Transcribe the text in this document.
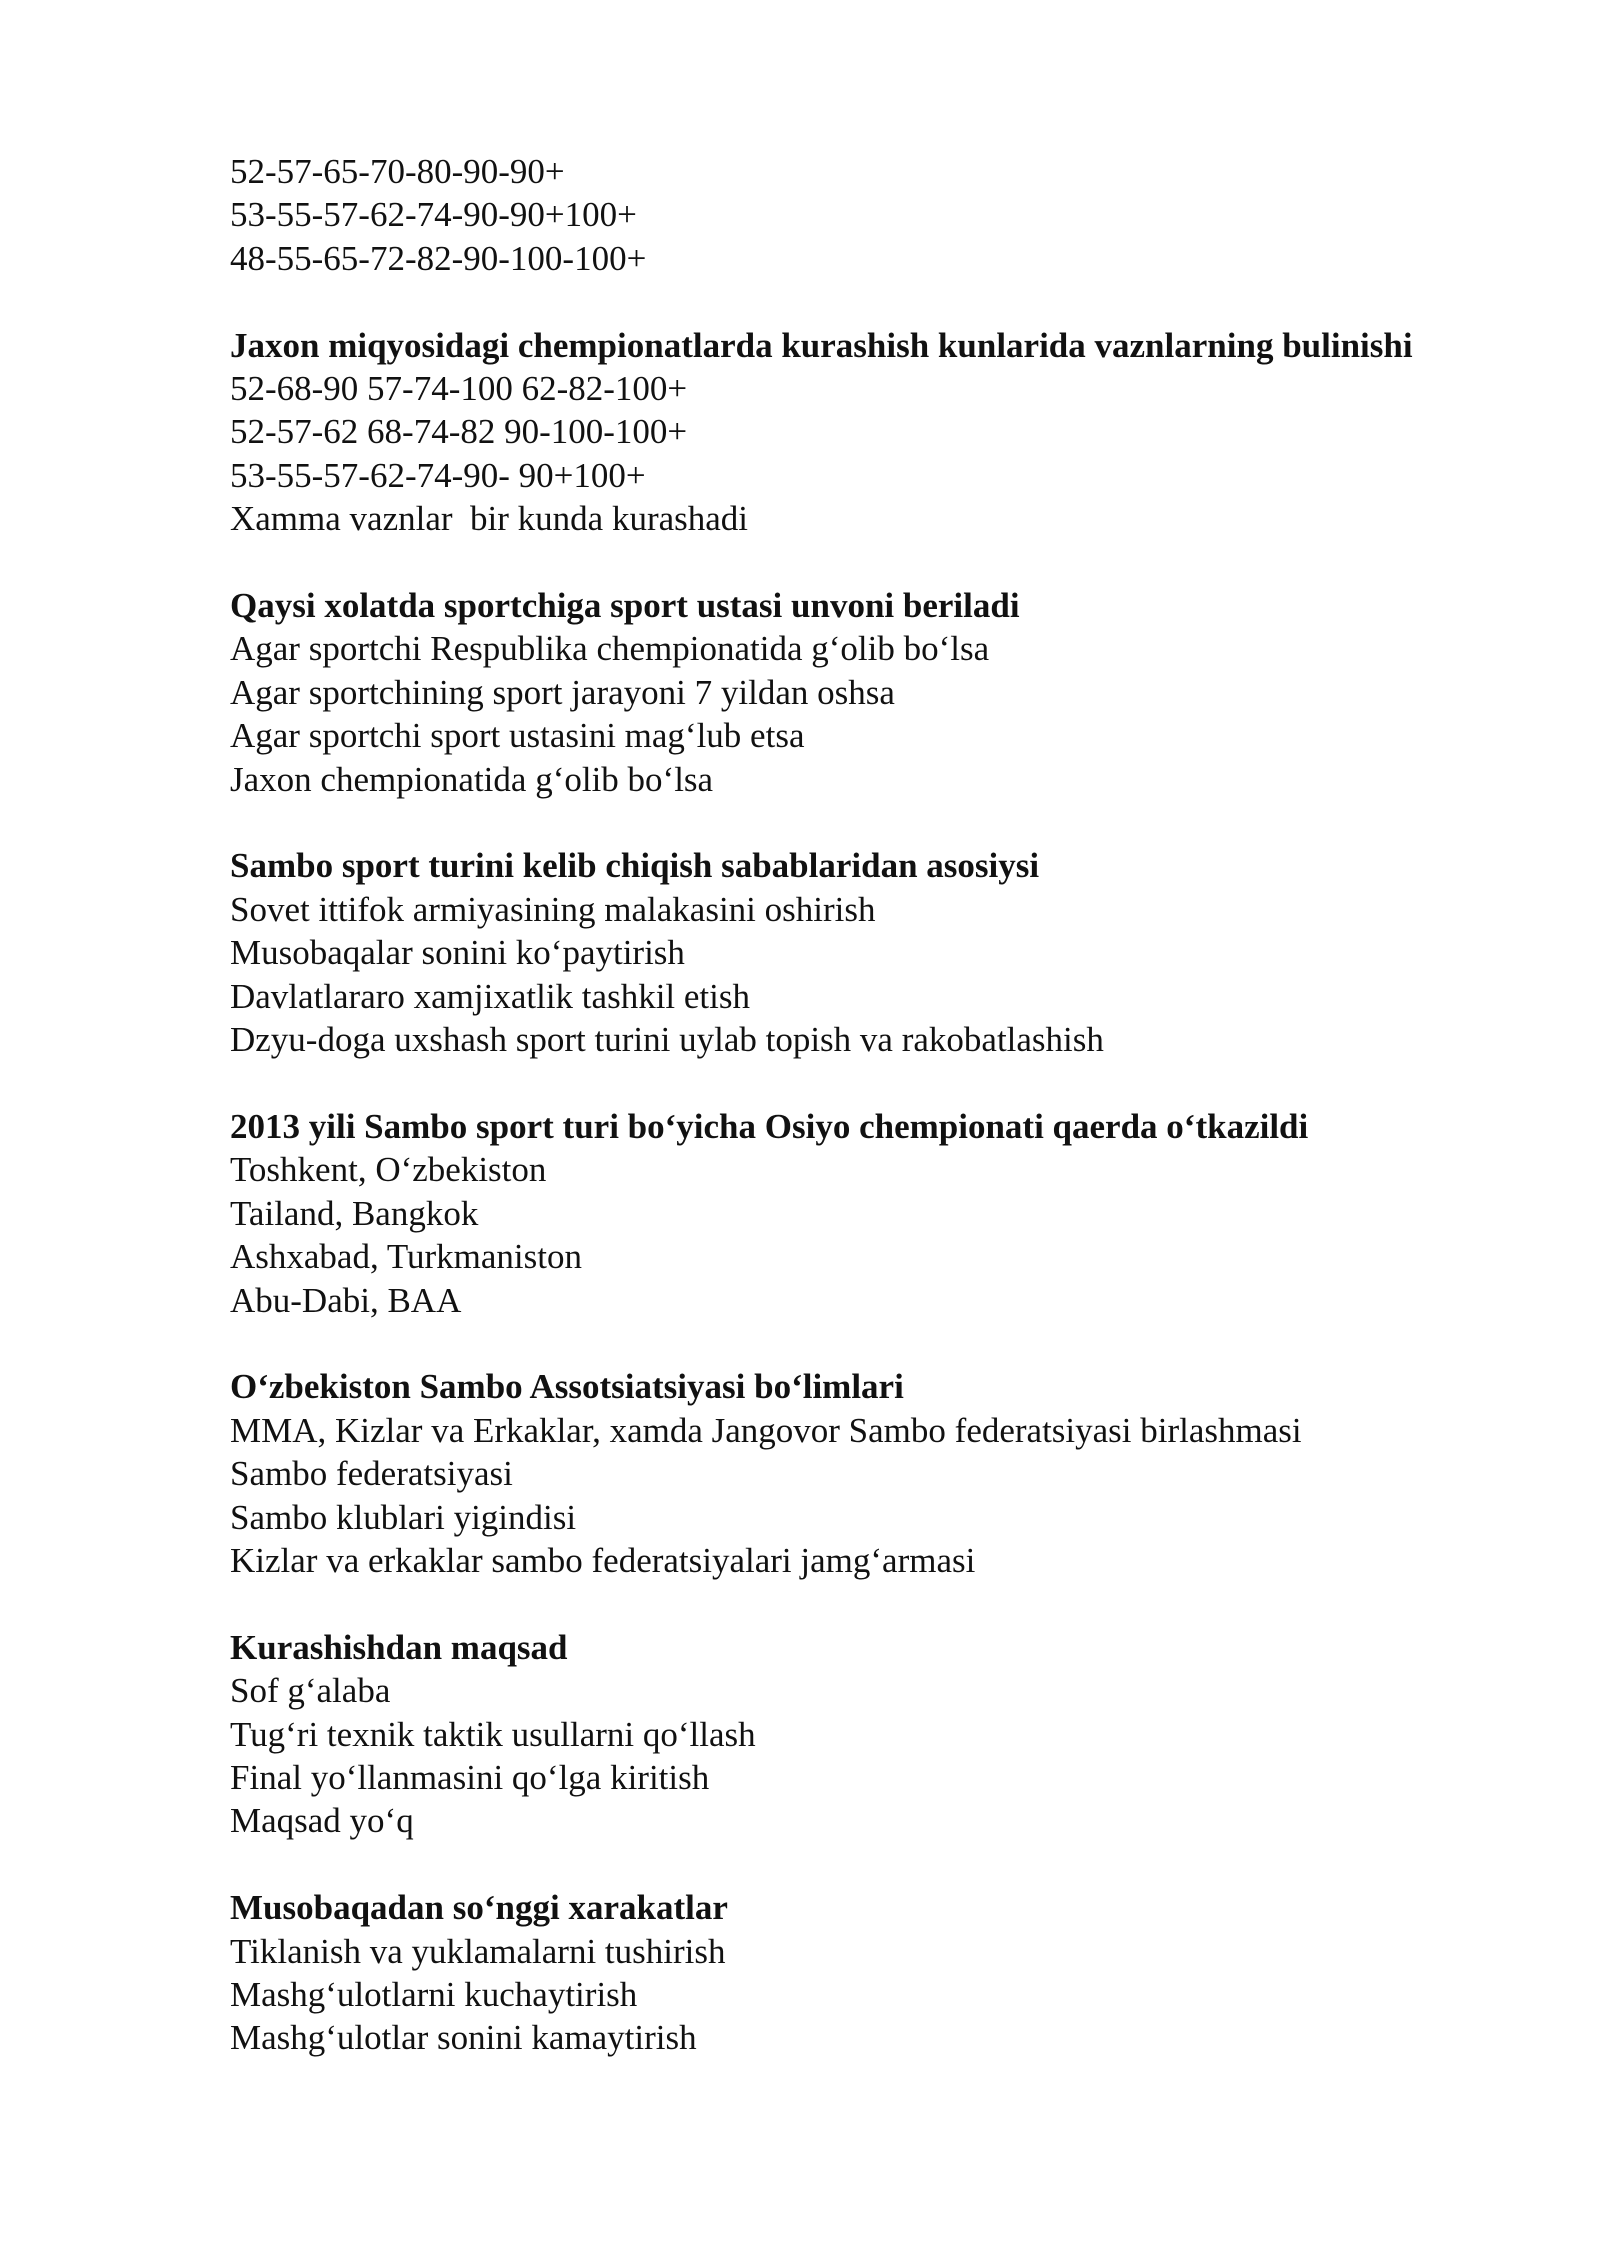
52-57-65-70-80-90-90+
53-55-57-62-74-90-90+100+
48-55-65-72-82-90-100-100+
Jaxon miqyosidagi chempionatlarda kurashish kunlarida vaznlarning bulinishi
52-68-90 57-74-100 62-82-100+
52-57-62 68-74-82 90-100-100+
53-55-57-62-74-90- 90+100+
Xamma vaznlar  bir kunda kurashadi
Qaysi xolatda sportchiga sport ustasi unvoni beriladi
Agar sportchi Respublika chempionatida g‘olib bo‘lsa
Agar sportchining sport jarayoni 7 yildan oshsa
Agar sportchi sport ustasini mag‘lub etsa
Jaxon chempionatida g‘olib bo‘lsa
Sambo sport turini kelib chiqish sabablaridan asosiysi
Sovet ittifok armiyasining malakasini oshirish
Musobaqalar sonini ko‘paytirish
Davlatlararo xamjixatlik tashkil etish
Dzyu-doga uxshash sport turini uylab topish va rakobatlashish
2013 yili Sambo sport turi bo‘yicha Osiyo chempionati qaerda o‘tkazildi
Toshkent, O‘zbekiston
Tailand, Bangkok
Ashxabad, Turkmaniston
Abu-Dabi, BAA
O‘zbekiston Sambo Assotsiatsiyasi bo‘limlari
MMA, Kizlar va Erkaklar, xamda Jangovor Sambo federatsiyasi birlashmasi
Sambo federatsiyasi
Sambo klublari yigindisi
Kizlar va erkaklar sambo federatsiyalari jamg‘armasi
Kurashishdan maqsad
Sof g‘alaba
Tug‘ri texnik taktik usullarni qo‘llash
Final yo‘llanmasini qo‘lga kiritish
Maqsad yo‘q
Musobaqadan so‘nggi xarakatlar
Tiklanish va yuklamalarni tushirish
Mashg‘ulotlarni kuchaytirish
Mashg‘ulotlar sonini kamaytirish
